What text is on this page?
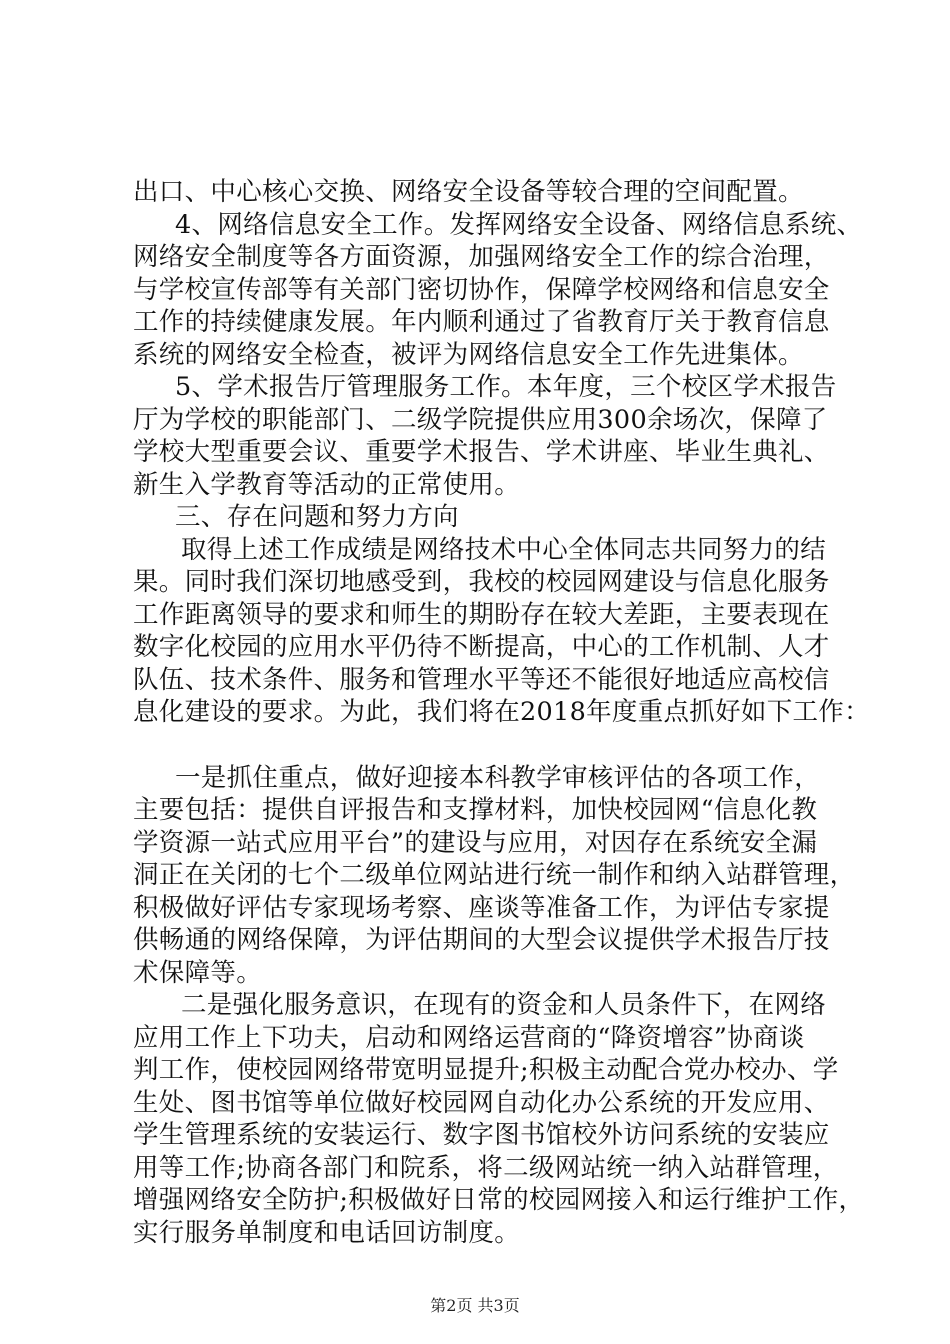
出口、中心核心交换、网络安全设备等较合理的空间配置。
4、网络信息安全工作。发挥网络安全设备、网络信息系统、
网络安全制度等各方面资源，加强网络安全工作的综合治理，
与学校宣传部等有关部门密切协作，保障学校网络和信息安全
工作的持续健康发展。年内顺利通过了省教育厅关于教育信息
系统的网络安全检查，被评为网络信息安全工作先进集体。
5、学术报告厅管理服务工作。本年度，三个校区学术报告
厅为学校的职能部门、二级学院提供应用300余场次，保障了
学校大型重要会议、重要学术报告、学术讲座、毕业生典礼、
新生入学教育等活动的正常使用。
三、存在问题和努力方向
取得上述工作成绩是网络技术中心全体同志共同努力的结
果。同时我们深切地感受到，我校的校园网建设与信息化服务
工作距离领导的要求和师生的期盼存在较大差距，主要表现在
数字化校园的应用水平仍待不断提高，中心的工作机制、人才
队伍、技术条件、服务和管理水平等还不能很好地适应高校信
息化建设的要求。为此，我们将在2018年度重点抓好如下工作：
一是抓住重点，做好迎接本科教学审核评估的各项工作，
主要包括：提供自评报告和支撑材料，加快校园网“信息化教
学资源一站式应用平台”的建设与应用，对因存在系统安全漏
洞正在关闭的七个二级单位网站进行统一制作和纳入站群管理，
积极做好评估专家现场考察、座谈等准备工作，为评估专家提
供畅通的网络保障，为评估期间的大型会议提供学术报告厅技
术保障等。
二是强化服务意识，在现有的资金和人员条件下，在网络
应用工作上下功夫，启动和网络运营商的“降资增容”协商谈
判工作，使校园网络带宽明显提升;积极主动配合党办校办、学
生处、图书馆等单位做好校园网自动化办公系统的开发应用、
学生管理系统的安装运行、数字图书馆校外访问系统的安装应
用等工作;协商各部门和院系，将二级网站统一纳入站群管理，
增强网络安全防护;积极做好日常的校园网接入和运行维护工作，
实行服务单制度和电话回访制度。
第2页 共3页
